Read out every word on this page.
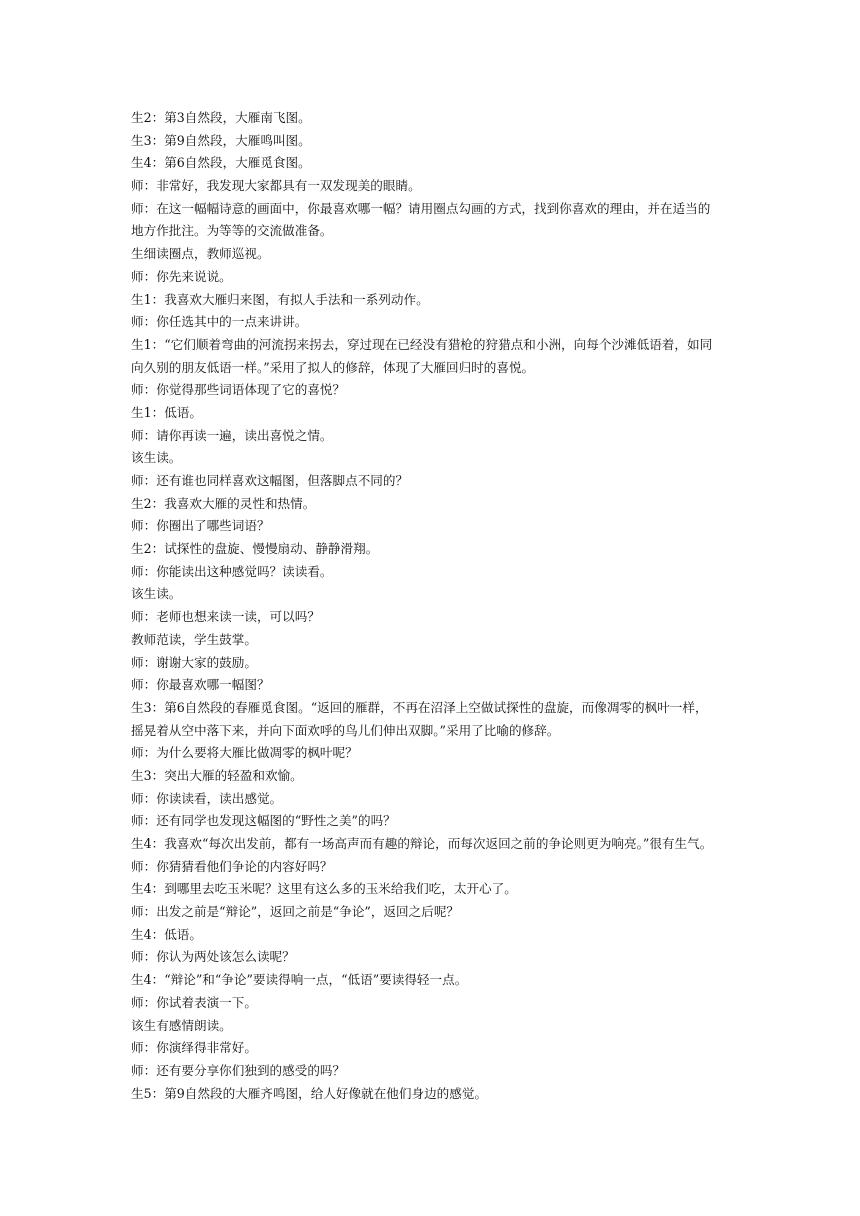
生2：第3自然段，大雁南飞图。
生3：第9自然段，大雁鸣叫图。
生4：第6自然段，大雁觅食图。
师：非常好，我发现大家都具有一双发现美的眼睛。
师：在这一幅幅诗意的画面中，你最喜欢哪一幅？请用圈点勾画的方式，找到你喜欢的理由，并在适当的
地方作批注。为等等的交流做准备。
生细读圈点，教师巡视。
师：你先来说说。
生1：我喜欢大雁归来图，有拟人手法和一系列动作。
师：你任选其中的一点来讲讲。
生1：“它们顺着弯曲的河流拐来拐去，穿过现在已经没有猎枪的狩猎点和小洲，向每个沙滩低语着，如同
向久别的朋友低语一样。”采用了拟人的修辞，体现了大雁回归时的喜悦。
师：你觉得那些词语体现了它的喜悦？
生1：低语。
师：请你再读一遍，读出喜悦之情。
该生读。
师：还有谁也同样喜欢这幅图，但落脚点不同的？
生2：我喜欢大雁的灵性和热情。
师：你圈出了哪些词语？
生2：试探性的盘旋、慢慢扇动、静静滑翔。
师：你能读出这种感觉吗？读读看。
该生读。
师：老师也想来读一读，可以吗？
教师范读，学生鼓掌。
师：谢谢大家的鼓励。
师：你最喜欢哪一幅图？
生3：第6自然段的春雁觅食图。“返回的雁群，不再在沼泽上空做试探性的盘旋，而像凋零的枫叶一样，
摇晃着从空中落下来，并向下面欢呼的鸟儿们伸出双脚。”采用了比喻的修辞。
师：为什么要将大雁比做凋零的枫叶呢？
生3：突出大雁的轻盈和欢愉。
师：你读读看，读出感觉。
师：还有同学也发现这幅图的“野性之美”的吗？
生4：我喜欢“每次出发前，都有一场高声而有趣的辩论，而每次返回之前的争论则更为响亮。”很有生气。
师：你猜猜看他们争论的内容好吗？
生4：到哪里去吃玉米呢？这里有这么多的玉米给我们吃，太开心了。
师：出发之前是“辩论”，返回之前是“争论”，返回之后呢？
生4：低语。
师：你认为两处该怎么读呢？
生4：“辩论”和“争论”要读得响一点，“低语”要读得轻一点。
师：你试着表演一下。
该生有感情朗读。
师：你演绎得非常好。
师：还有要分享你们独到的感受的吗？
生5：第9自然段的大雁齐鸣图，给人好像就在他们身边的感觉。
